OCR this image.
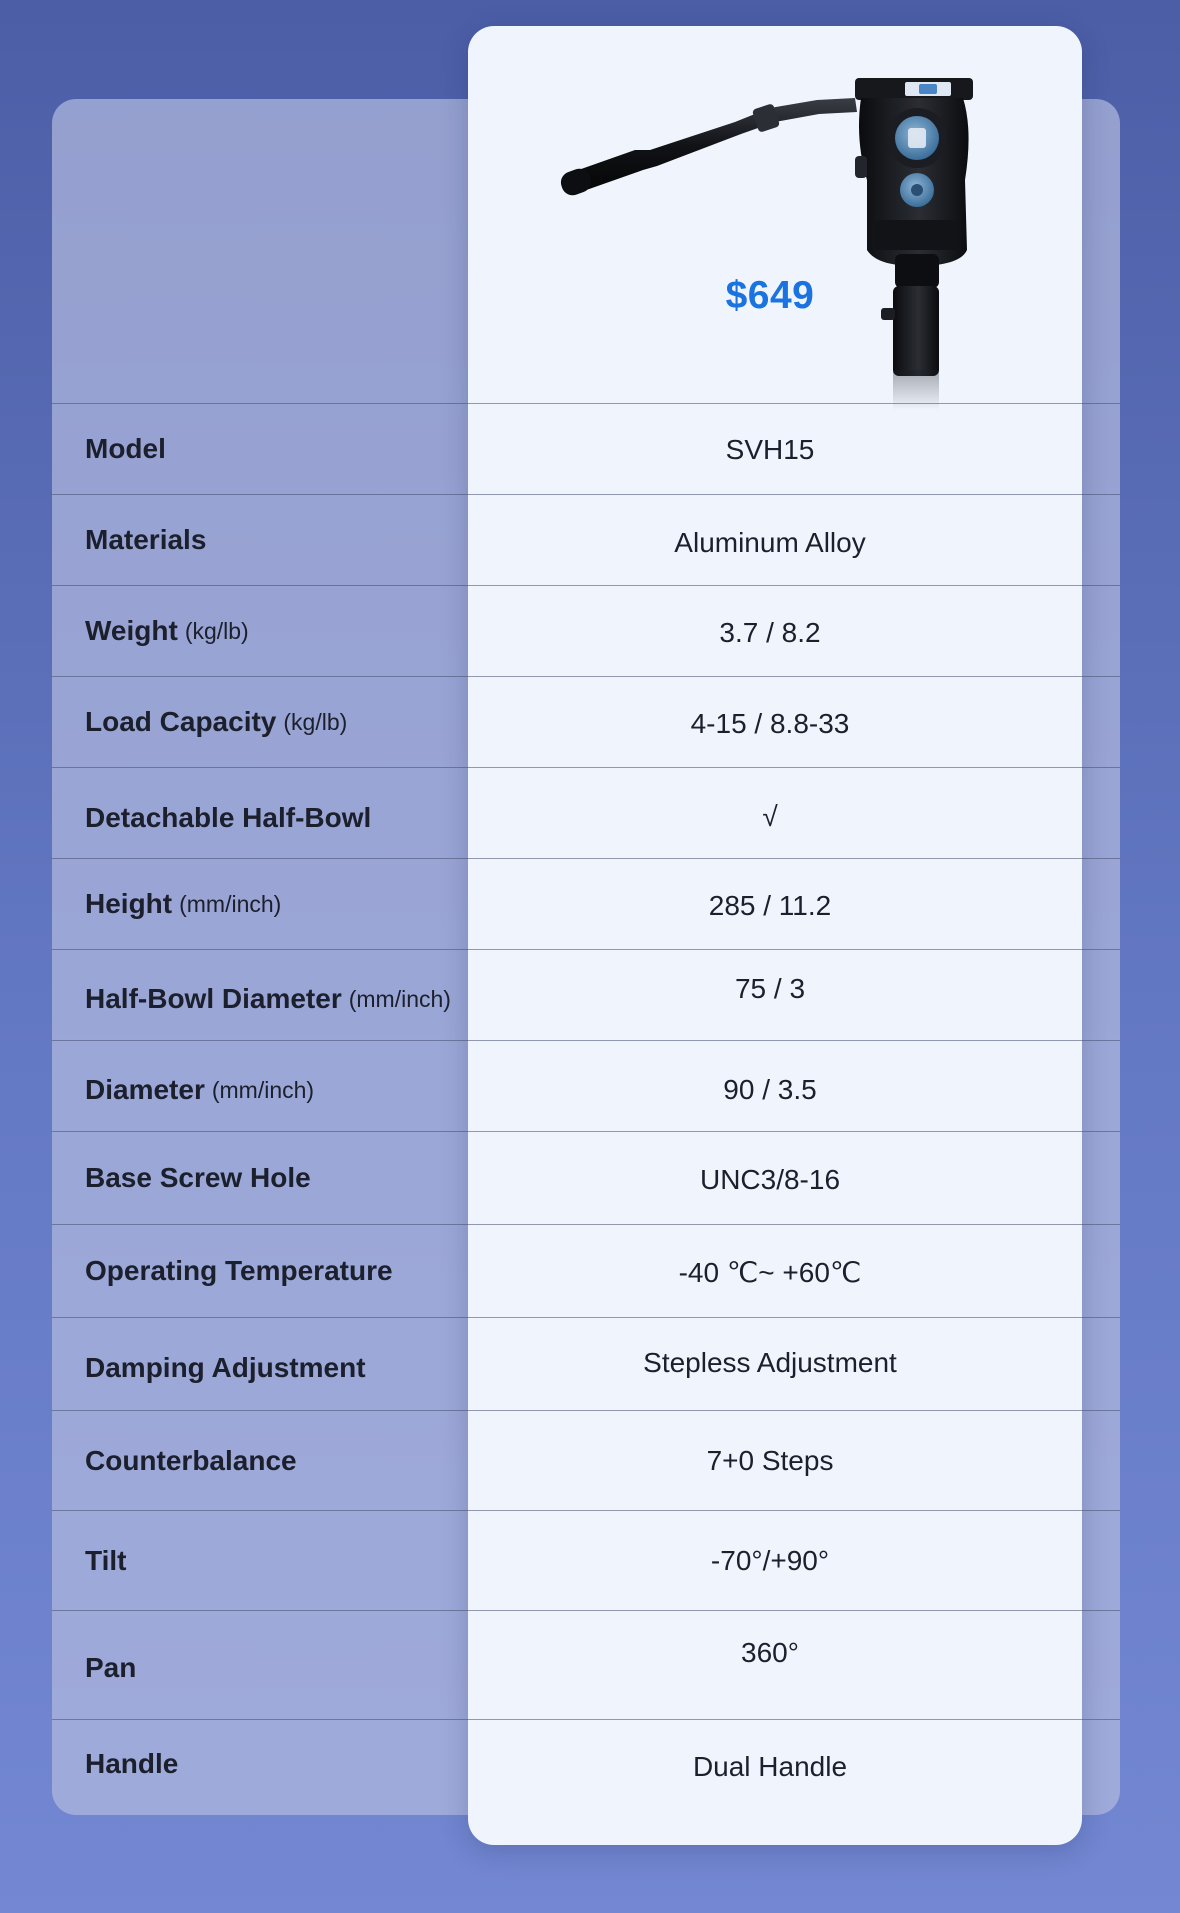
$649
Model	SVH15
Materials	Aluminum Alloy
Weight (kg/lb)	3.7 / 8.2
Load Capacity (kg/lb)	4-15 / 8.8-33
Detachable Half-Bowl	√
Height (mm/inch)	285 / 11.2
Half-Bowl Diameter (mm/inch)	75 / 3
Diameter (mm/inch)	90 / 3.5
Base Screw Hole	UNC3/8-16
Operating Temperature	-40 ℃~ +60℃
Damping Adjustment	Stepless Adjustment
Counterbalance	7+0 Steps
Tilt	-70°/+90°
Pan	360°
Handle	Dual Handle
